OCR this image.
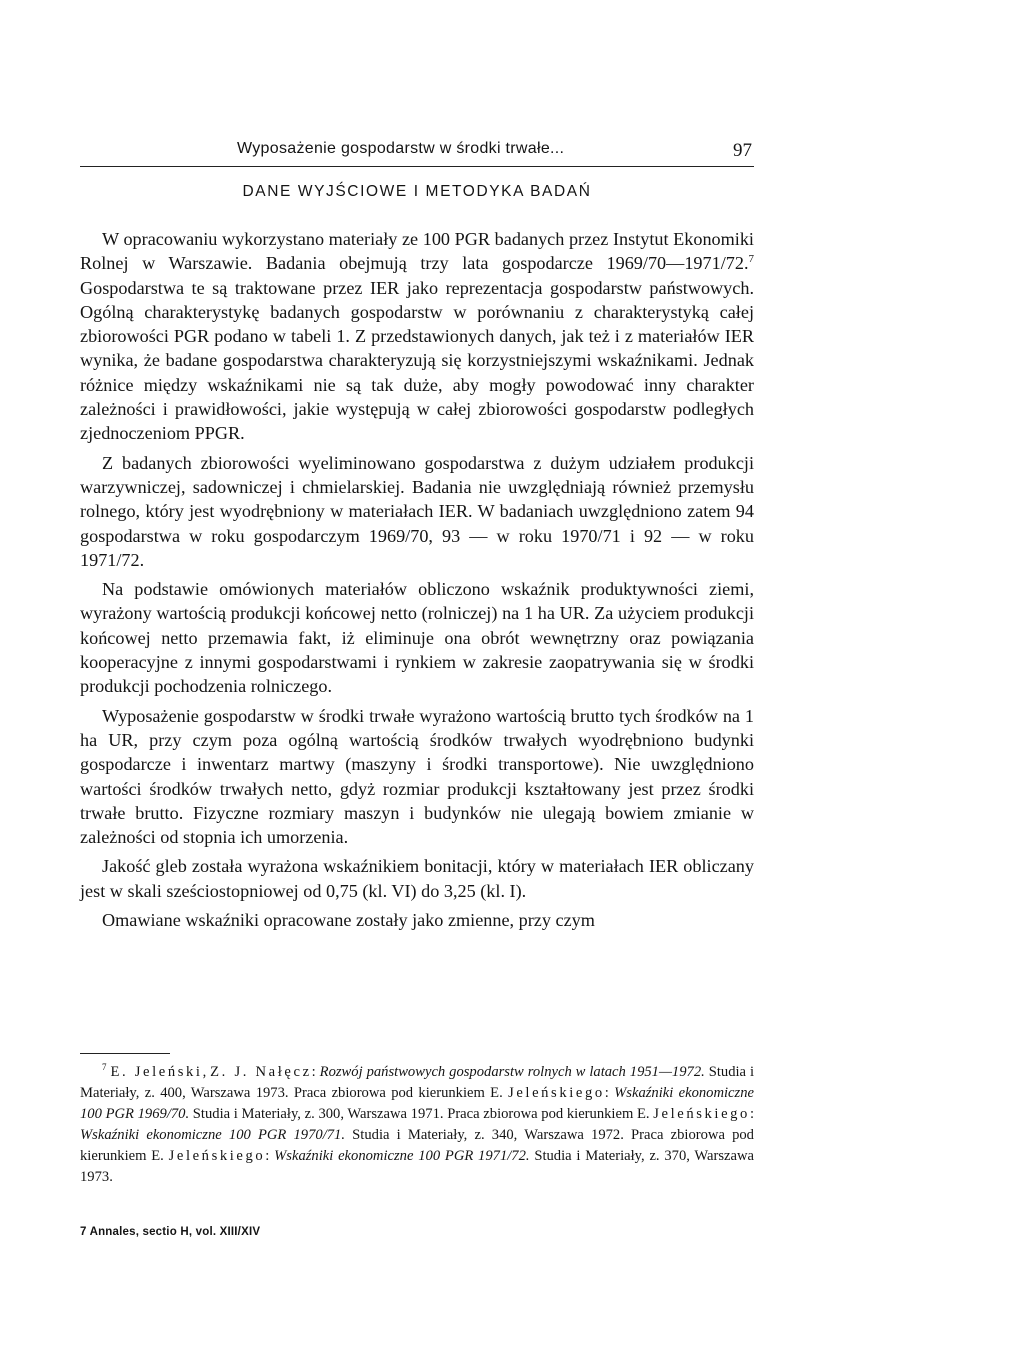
Wyposażenie gospodarstw w środki trwałe...	97
DANE WYJŚCIOWE I METODYKA BADAŃ

W opracowaniu wykorzystano materiały ze 100 PGR badanych przez Instytut Ekonomiki Rolnej w Warszawie. Badania obejmują trzy lata gospodarcze 1969/70—1971/72.$^7$ Gospodarstwa te są traktowane przez IER jako reprezentacja gospodarstw państwowych. Ogólną charakterystykę badanych gospodarstw w porównaniu z charakterystyką całej zbiorowości PGR podano w tabeli 1. Z przedstawionych danych, jak też i z materiałów IER wynika, że badane gospodarstwa charakteryzują się korzystniejszymi wskaźnikami. Jednak różnice między wskaźnikami nie są tak duże, aby mogły powodować inny charakter zależności i prawidłowości, jakie występują w całej zbiorowości gospodarstw podległych zjednoczeniom PPGR.

Z badanych zbiorowości wyeliminowano gospodarstwa z dużym udziałem produkcji warzywniczej, sadowniczej i chmielarskiej. Badania nie uwzględniają również przemysłu rolnego, który jest wyodrębniony w materiałach IER. W badaniach uwzględniono zatem 94 gospodarstwa w roku gospodarczym 1969/70, 93 — w roku 1970/71 i 92 — w roku 1971/72.

Na podstawie omówionych materiałów obliczono wskaźnik produktywności ziemi, wyrażony wartością produkcji końcowej netto (rolniczej) na 1 ha UR. Za użyciem produkcji końcowej netto przemawia fakt, iż eliminuje ona obrót wewnętrzny oraz powiązania kooperacyjne z innymi gospodarstwami i rynkiem w zakresie zaopatrywania się w środki produkcji pochodzenia rolniczego.

Wyposażenie gospodarstw w środki trwałe wyrażono wartością brutto tych środków na 1 ha UR, przy czym poza ogólną wartością środków trwałych wyodrębniono budynki gospodarcze i inwentarz martwy (maszyny i środki transportowe). Nie uwzględniono wartości środków trwałych netto, gdyż rozmiar produkcji kształtowany jest przez środki trwałe brutto. Fizyczne rozmiary maszyn i budynków nie ulegają bowiem zmianie w zależności od stopnia ich umorzenia.

Jakość gleb została wyrażona wskaźnikiem bonitacji, który w materiałach IER obliczany jest w skali sześciostopniowej od 0,75 (kl. VI) do 3,25 (kl. I).

Omawiane wskaźniki opracowane zostały jako zmienne, przy czym

$^7$ E. Jeleński, Z. J. Nałęcz: Rozwój państwowych gospodarstw rolnych w latach 1951—1972. Studia i Materiały, z. 400, Warszawa 1973. Praca zbiorowa pod kierunkiem E. Jeleńskiego: Wskaźniki ekonomiczne 100 PGR 1969/70. Studia i Materiały, z. 300, Warszawa 1971. Praca zbiorowa pod kierunkiem E. Jeleńskiego: Wskaźniki ekonomiczne 100 PGR 1970/71. Studia i Materiały, z. 340, Warszawa 1972. Praca zbiorowa pod kierunkiem E. Jeleńskiego: Wskaźniki ekonomiczne 100 PGR 1971/72. Studia i Materiały, z. 370, Warszawa 1973.

7 Annales, sectio H, vol. XIII/XIV
